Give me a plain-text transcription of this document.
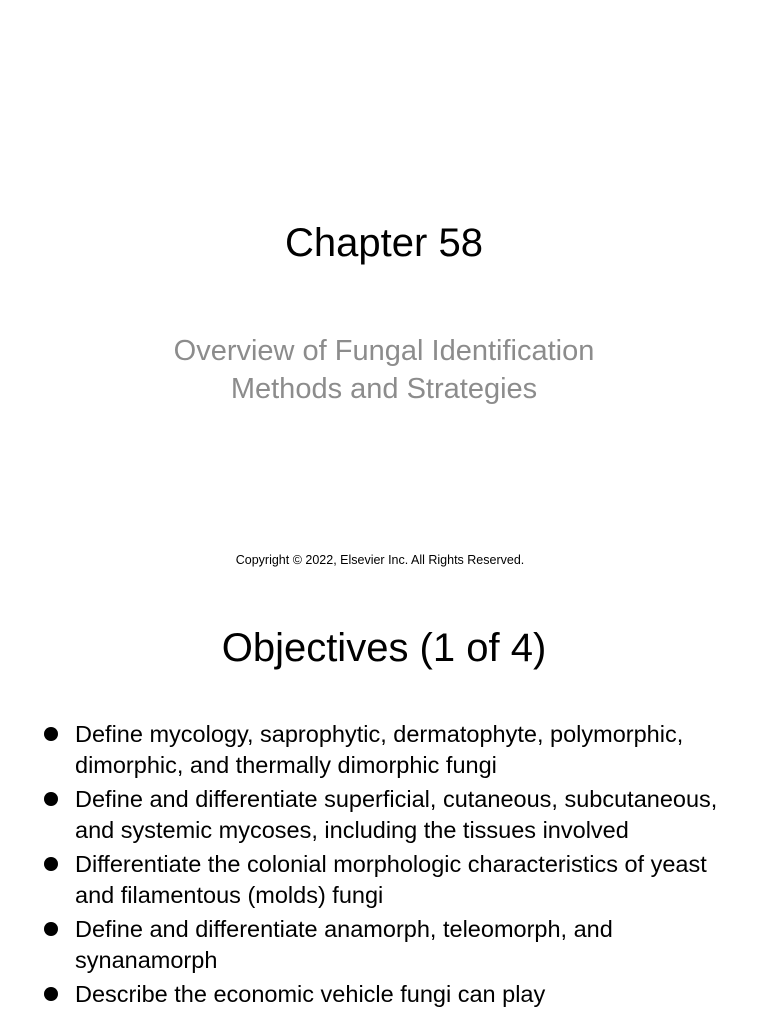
Chapter 58
Overview of Fungal Identification
Methods and Strategies
Copyright © 2022, Elsevier Inc. All Rights Reserved.
Objectives (1 of 4)
Define mycology, saprophytic, dermatophyte, polymorphic, dimorphic, and thermally dimorphic fungi
Define and differentiate superficial, cutaneous, subcutaneous, and systemic mycoses, including the tissues involved
Differentiate the colonial morphologic characteristics of yeast and filamentous (molds) fungi
Define and differentiate anamorph, teleomorph, and synanamorph
Describe the economic vehicle fungi can play
